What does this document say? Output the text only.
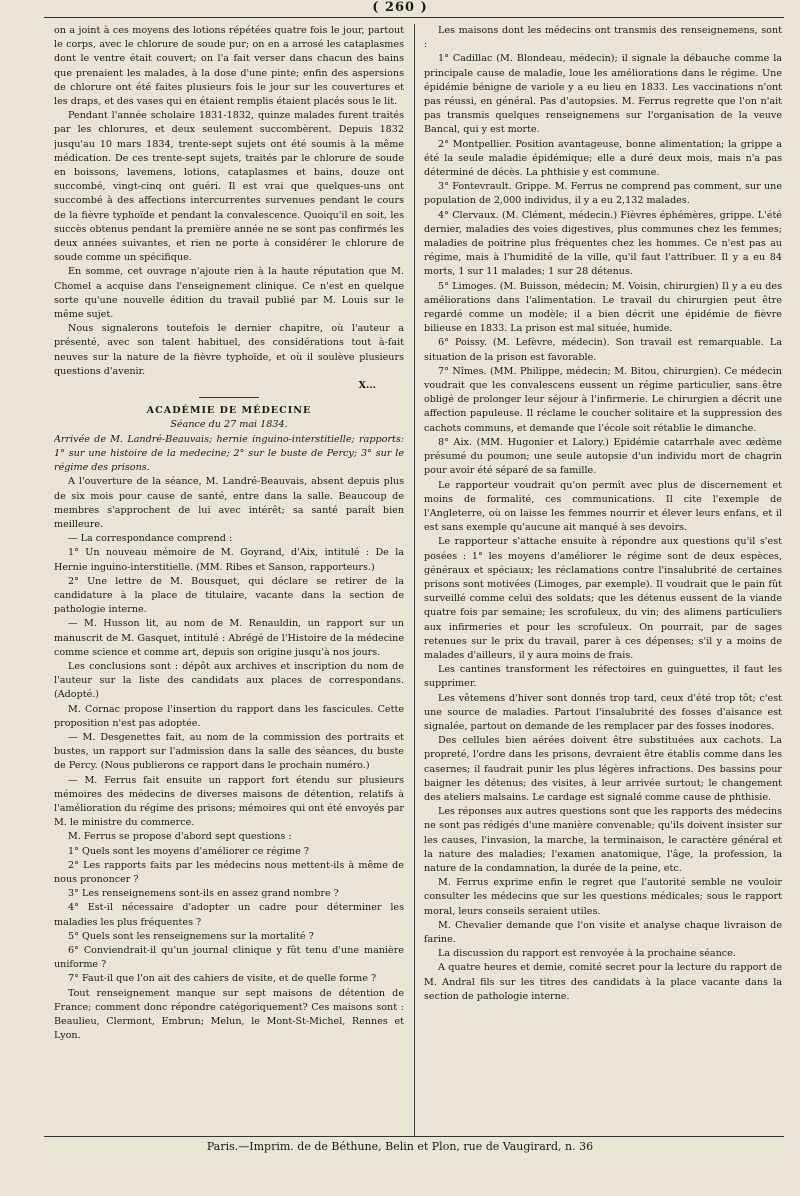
( 260 )

on a joint à ces moyens des lotions répétées quatre fois le jour, partout le corps, avec le chlorure de soude pur; on en a arrosé les cataplasmes dont le ventre était couvert; on l'a fait verser dans chacun des bains que prenaient les malades, à la dose d'une pinte; enfin des aspersions de chlorure ont été faites plusieurs fois le jour sur les couvertures et les draps, et des vases qui en étaient remplis étaient placés sous le lit.

Pendant l'année scholaire 1831-1832, quinze malades furent traités par les chlorures, et deux seulement succombèrent. Depuis 1832 jusqu'au 10 mars 1834, trente-sept sujets ont été soumis à la même médication. De ces trente-sept sujets, traités par le chlorure de soude en boissons, lavemens, lotions, cataplasmes et bains, douze ont succombé, vingt-cinq ont guéri. Il est vrai que quelques-uns ont succombé à des affections intercurrentes survenues pendant le cours de la fièvre typhoïde et pendant la convalescence. Quoiqu'il en soit, les succès obtenus pendant la première année ne se sont pas confirmés les deux années suivantes, et rien ne porte à considérer le chlorure de soude comme un spécifique.

En somme, cet ouvrage n'ajoute rien à la haute réputation que M. Chomel a acquise dans l'enseignement clinique. Ce n'est en quelque sorte qu'une nouvelle édition du travail publié par M. Louis sur le même sujet.

Nous signalerons toutefois le dernier chapitre, où l'auteur a présenté, avec son talent habituel, des considérations tout à-fait neuves sur la nature de la fièvre typhoïde, et où il soulève plusieurs questions d'avenir.

X...

ACADÉMIE DE MÉDECINE

Séance du 27 mai 1834.

Arrivée de M. Landré-Beauvais; hernie inguino-interstitielle; rapports: 1° sur une histoire de la medecine; 2° sur le buste de Percy; 3° sur le régime des prisons.

A l'ouverture de la séance, M. Landré-Beauvais, absent depuis plus de six mois pour cause de santé, entre dans la salle. Beaucoup de membres s'approchent de lui avec intérêt; sa santé paraît bien meilleure.

— La correspondance comprend :

1° Un nouveau mémoire de M. Goyrand, d'Aix, intitulé : De la Hernie inguino-interstitielle. (MM. Ribes et Sanson, rapporteurs.)

2° Une lettre de M. Bousquet, qui déclare se retirer de la candidature à la place de titulaire, vacante dans la section de pathologie interne.

— M. Husson lit, au nom de M. Renauldin, un rapport sur un manuscrit de M. Gasquet, intitulé : Abrégé de l'Histoire de la médecine comme science et comme art, depuis son origine jusqu'à nos jours.

Les conclusions sont : dépôt aux archives et inscription du nom de l'auteur sur la liste des candidats aux places de correspondans. (Adopté.)

M. Cornac propose l'insertion du rapport dans les fascicules. Cette proposition n'est pas adoptée.

— M. Desgenettes fait, au nom de la commission des portraits et bustes, un rapport sur l'admission dans la salle des séances, du buste de Percy. (Nous publierons ce rapport dans le prochain numéro.)

— M. Ferrus fait ensuite un rapport fort étendu sur plusieurs mémoires des médecins de diverses maisons de détention, relatifs à l'amélioration du régime des prisons; mémoires qui ont été envoyés par M. le ministre du commerce.

M. Ferrus se propose d'abord sept questions :

1° Quels sont les moyens d'améliorer ce régime ?

2° Les rapports faits par les médecins nous mettent-ils à même de nous prononcer ?

3° Les renseignemens sont-ils en assez grand nombre ?

4° Est-il nécessaire d'adopter un cadre pour déterminer les maladies les plus fréquentes ?

5° Quels sont les renseignemens sur la mortalité ?

6° Conviendrait-il qu'un journal clinique y fût tenu d'une manière uniforme ?

7° Faut-il que l'on ait des cahiers de visite, et de quelle forme ?

Tout renseignement manque sur sept maisons de détention de France; comment donc répondre catégoriquement? Ces maisons sont : Beaulieu, Clermont, Embrun; Melun, le Mont-St-Michel, Rennes et Lyon.

Les maisons dont les médecins ont transmis des renseignemens, sont :

1° Cadillac (M. Blondeau, médecin); il signale la débauche comme la principale cause de maladie, loue les améliorations dans le régime. Une épidémie bénigne de variole y a eu lieu en 1833. Les vaccinations n'ont pas réussi, en général. Pas d'autopsies. M. Ferrus regrette que l'on n'ait pas transmis quelques renseignemens sur l'organisation de la veuve Bancal, qui y est morte.

2° Montpellier. Position avantageuse, bonne alimentation; la grippe a été la seule maladie épidémique; elle a duré deux mois, mais n'a pas déterminé de décès. La phthisie y est commune.

3° Fontevrault. Grippe. M. Ferrus ne comprend pas comment, sur une population de 2,000 individus, il y a eu 2,132 malades.

4° Clervaux. (M. Clément, médecin.) Fièvres éphémères, grippe. L'été dernier, maladies des voies digestives, plus communes chez les femmes; maladies de poitrine plus fréquentes chez les hommes. Ce n'est pas au régime, mais à l'humidité de la ville, qu'il faut l'attribuer. Il y a eu 84 morts, 1 sur 11 malades; 1 sur 28 détenus.

5° Limoges. (M. Buisson, médecin; M. Voisin, chirurgien) Il y a eu des améliorations dans l'alimentation. Le travail du chirurgien peut être regardé comme un modèle; il a bien décrit une épidémie de fièvre bilieuse en 1833. La prison est mal située, humide.

6° Poissy. (M. Lefèvre, médecin). Son travail est remarquable. La situation de la prison est favorable.

7° Nîmes. (MM. Philippe, médecin; M. Bitou, chirurgien). Ce médecin voudrait que les convalescens eussent un régime particulier, sans être obligé de prolonger leur séjour à l'infirmerie. Le chirurgien a décrit une affection papuleuse. Il réclame le coucher solitaire et la suppression des cachots communs, et demande que l'école soit rétablie le dimanche.

8° Aix. (MM. Hugonier et Lalory.) Epidémie catarrhale avec œdème présumé du poumon; une seule autopsie d'un individu mort de chagrin pour avoir été séparé de sa famille.

Le rapporteur voudrait qu'on permît avec plus de discernement et moins de formalité, ces communications. Il cite l'exemple de l'Angleterre, où on laisse les femmes nourrir et élever leurs enfans, et il est sans exemple qu'aucune ait manqué à ses devoirs.

Le rapporteur s'attache ensuite à répondre aux questions qu'il s'est posées : 1° les moyens d'améliorer le régime sont de deux espèces, généraux et spéciaux; les réclamations contre l'insalubrité de certaines prisons sont motivées (Limoges, par exemple). Il voudrait que le pain fût surveillé comme celui des soldats; que les détenus eussent de la viande quatre fois par semaine; les scrofuleux, du vin; des alimens particuliers aux infirmeries et pour les scrofuleux. On pourrait, par de sages retenues sur le prix du travail, parer à ces dépenses; s'il y a moins de malades d'ailleurs, il y aura moins de frais.

Les cantines transforment les réfectoires en guinguettes, il faut les supprimer.

Les vêtemens d'hiver sont donnés trop tard, ceux d'été trop tôt; c'est une source de maladies. Partout l'insalubrité des fosses d'aisance est signalée, partout on demande de les remplacer par des fosses inodores.

Des cellules bien aérées doivent être substituées aux cachots. La propreté, l'ordre dans les prisons, devraient être établis comme dans les casernes; il faudrait punir les plus légères infractions. Des bassins pour baigner les détenus; des visites, à leur arrivée surtout; le changement des ateliers malsains. Le cardage est signalé comme cause de phthisie.

Les réponses aux autres questions sont que les rapports des médecins ne sont pas rédigés d'une manière convenable; qu'ils doivent insister sur les causes, l'invasion, la marche, la terminaison, le caractère général et la nature des maladies; l'examen anatomique, l'âge, la profession, la nature de la condamnation, la durée de la peine, etc.

M. Ferrus exprime enfin le regret que l'autorité semble ne vouloir consulter les médecins que sur les questions médicales; sous le rapport moral, leurs conseils seraient utiles.

M. Chevalier demande que l'on visite et analyse chaque livraison de farine.

La discussion du rapport est renvoyée à la prochaine séance.

A quatre heures et demie, comité secret pour la lecture du rapport de M. Andral fils sur les titres des candidats à la place vacante dans la section de pathologie interne.

Paris.—Imprim. de de Béthune, Belin et Plon, rue de Vaugirard, n. 36
